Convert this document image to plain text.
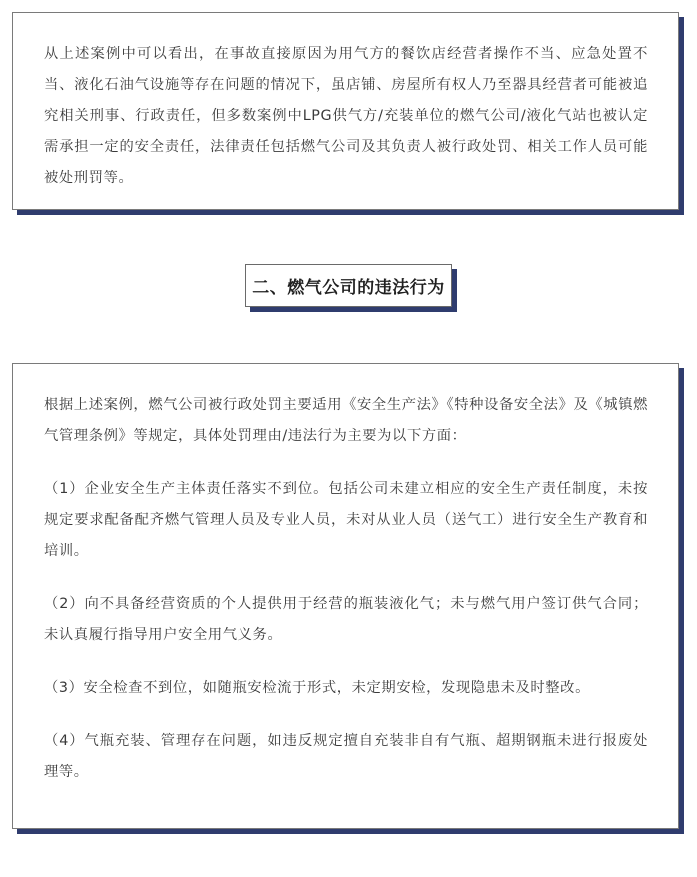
从上述案例中可以看出，在事故直接原因为用气方的餐饮店经营者操作不当、应急处置不当、液化石油气设施等存在问题的情况下，虽店铺、房屋所有权人乃至器具经营者可能被追究相关刑事、行政责任，但多数案例中LPG供气方/充装单位的燃气公司/液化气站也被认定需承担一定的安全责任，法律责任包括燃气公司及其负责人被行政处罚、相关工作人员可能被处刑罚等。

二、燃气公司的违法行为

根据上述案例，燃气公司被行政处罚主要适用《安全生产法》《特种设备安全法》及《城镇燃气管理条例》等规定，具体处罚理由/违法行为主要为以下方面：

（1）企业安全生产主体责任落实不到位。包括公司未建立相应的安全生产责任制度，未按规定要求配备配齐燃气管理人员及专业人员，未对从业人员（送气工）进行安全生产教育和培训。

（2）向不具备经营资质的个人提供用于经营的瓶装液化气；未与燃气用户签订供气合同；未认真履行指导用户安全用气义务。

（3）安全检查不到位，如随瓶安检流于形式，未定期安检，发现隐患未及时整改。

（4）气瓶充装、管理存在问题，如违反规定擅自充装非自有气瓶、超期钢瓶未进行报废处理等。
